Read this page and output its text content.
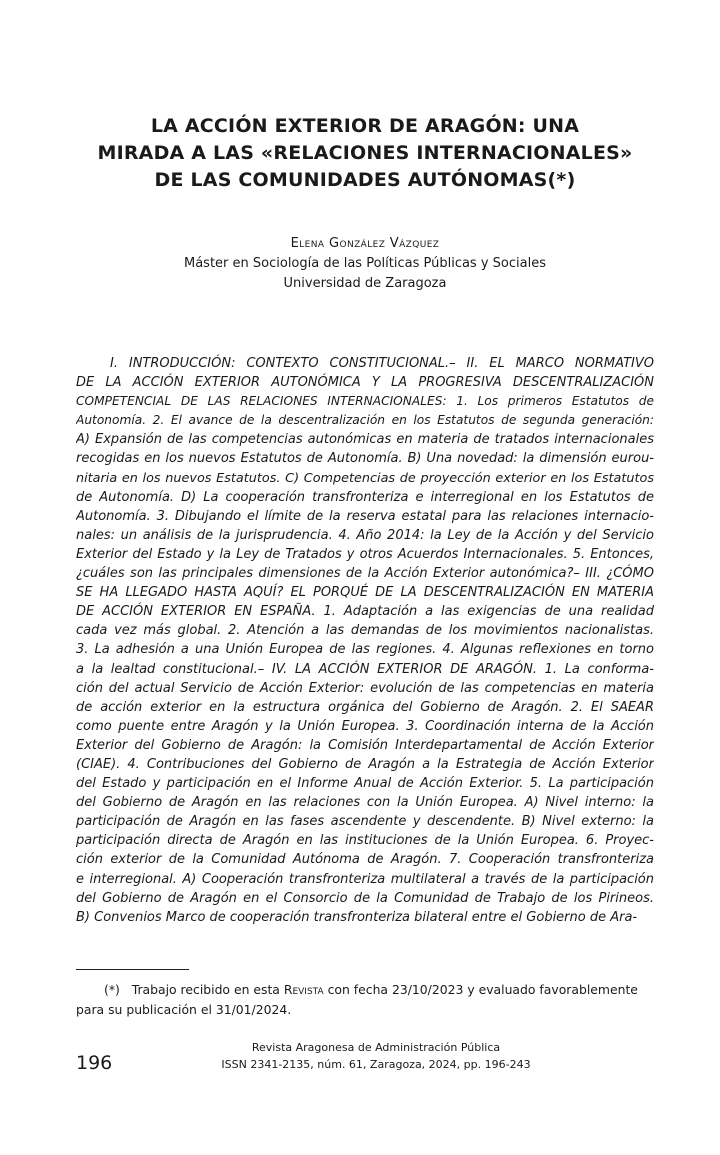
LA ACCIÓN EXTERIOR DE ARAGÓN: UNA
MIRADA A LAS «RELACIONES INTERNACIONALES»
DE LAS COMUNIDADES AUTÓNOMAS(*)
Elena González Vázquez
Máster en Sociología de las Políticas Públicas y Sociales
Universidad de Zaragoza
I. INTRODUCCIÓN: CONTEXTO CONSTITUCIONAL.– II. EL MARCO NORMATIVO
DE LA ACCIÓN EXTERIOR AUTONÓMICA Y LA PROGRESIVA DESCENTRALIZACIÓN
COMPETENCIAL DE LAS RELACIONES INTERNACIONALES: 1. Los primeros Estatutos de
Autonomía. 2. El avance de la descentralización en los Estatutos de segunda generación:
A) Expansión de las competencias autonómicas en materia de tratados internacionales
recogidas en los nuevos Estatutos de Autonomía. B) Una novedad: la dimensión eurou-
nitaria en los nuevos Estatutos. C) Competencias de proyección exterior en los Estatutos
de Autonomía. D) La cooperación transfronteriza e interregional en los Estatutos de
Autonomía. 3. Dibujando el límite de la reserva estatal para las relaciones internacio-
nales: un análisis de la jurisprudencia. 4. Año 2014: la Ley de la Acción y del Servicio
Exterior del Estado y la Ley de Tratados y otros Acuerdos Internacionales. 5. Entonces,
¿cuáles son las principales dimensiones de la Acción Exterior autonómica?– III. ¿CÓMO
SE HA LLEGADO HASTA AQUÍ? EL PORQUÉ DE LA DESCENTRALIZACIÓN EN MATERIA
DE ACCIÓN EXTERIOR EN ESPAÑA. 1. Adaptación a las exigencias de una realidad
cada vez más global. 2. Atención a las demandas de los movimientos nacionalistas.
3. La adhesión a una Unión Europea de las regiones. 4. Algunas reflexiones en torno
a la lealtad constitucional.– IV. LA ACCIÓN EXTERIOR DE ARAGÓN. 1. La conforma-
ción del actual Servicio de Acción Exterior: evolución de las competencias en materia
de acción exterior en la estructura orgánica del Gobierno de Aragón. 2. El SAEAR
como puente entre Aragón y la Unión Europea. 3. Coordinación interna de la Acción
Exterior del Gobierno de Aragón: la Comisión Interdepartamental de Acción Exterior
(CIAE). 4. Contribuciones del Gobierno de Aragón a la Estrategia de Acción Exterior
del Estado y participación en el Informe Anual de Acción Exterior. 5. La participación
del Gobierno de Aragón en las relaciones con la Unión Europea. A) Nivel interno: la
participación de Aragón en las fases ascendente y descendente. B) Nivel externo: la
participación directa de Aragón en las instituciones de la Unión Europea. 6. Proyec-
ción exterior de la Comunidad Autónoma de Aragón. 7. Cooperación transfronteriza
e interregional. A) Cooperación transfronteriza multilateral a través de la participación
del Gobierno de Aragón en el Consorcio de la Comunidad de Trabajo de los Pirineos.
B) Convenios Marco de cooperación transfronteriza bilateral entre el Gobierno de Ara-
(*) Trabajo recibido en esta Revista con fecha 23/10/2023 y evaluado favorablemente
para su publicación el 31/01/2024.
196
Revista Aragonesa de Administración Pública
ISSN 2341-2135, núm. 61, Zaragoza, 2024, pp. 196-243
